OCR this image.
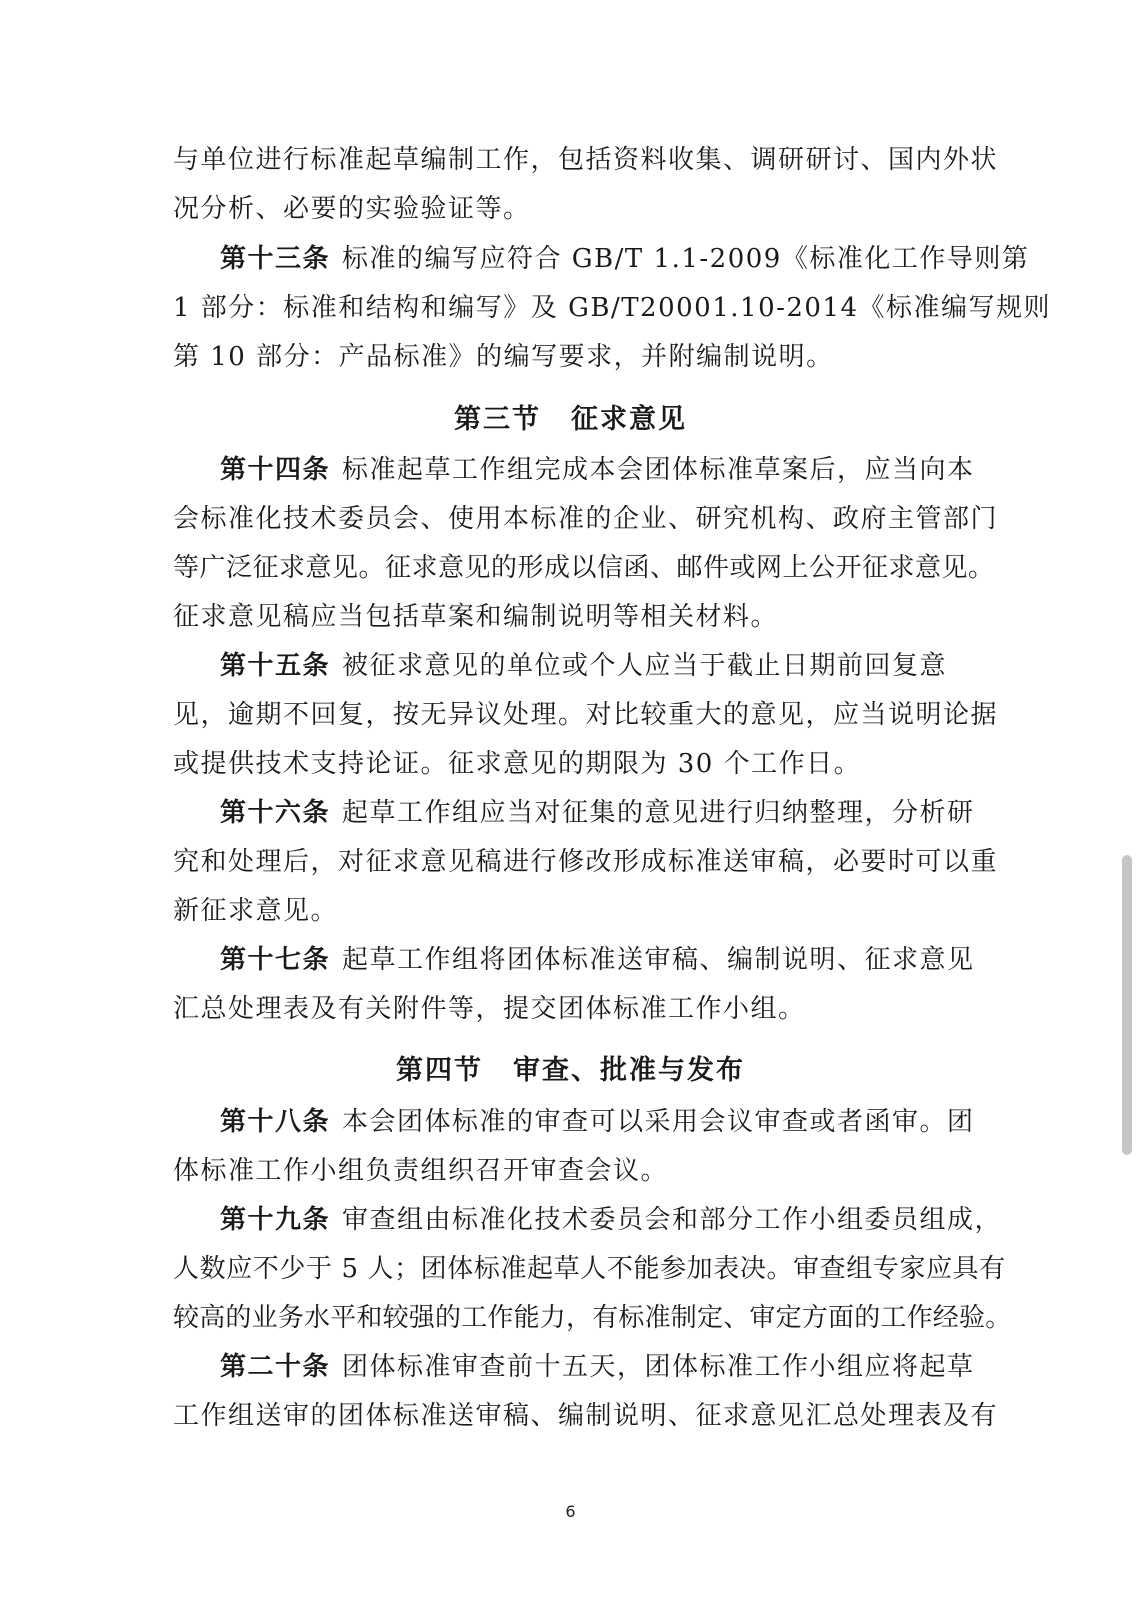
与单位进行标准起草编制工作，包括资料收集、调研研讨、国内外状
况分析、必要的实验验证等。
第十三条 标准的编写应符合 GB/T 1.1-2009《标准化工作导则第
1 部分：标准和结构和编写》及 GB/T20001.10-2014《标准编写规则
第 10 部分：产品标准》的编写要求，并附编制说明。
第三节 征求意见
第十四条 标准起草工作组完成本会团体标准草案后，应当向本
会标准化技术委员会、使用本标准的企业、研究机构、政府主管部门
等广泛征求意见。征求意见的形成以信函、邮件或网上公开征求意见。
征求意见稿应当包括草案和编制说明等相关材料。
第十五条 被征求意见的单位或个人应当于截止日期前回复意
见，逾期不回复，按无异议处理。对比较重大的意见，应当说明论据
或提供技术支持论证。征求意见的期限为 30 个工作日。
第十六条 起草工作组应当对征集的意见进行归纳整理，分析研
究和处理后，对征求意见稿进行修改形成标准送审稿，必要时可以重
新征求意见。
第十七条 起草工作组将团体标准送审稿、编制说明、征求意见
汇总处理表及有关附件等，提交团体标准工作小组。
第四节 审查、批准与发布
第十八条 本会团体标准的审查可以采用会议审查或者函审。团
体标准工作小组负责组织召开审查会议。
第十九条 审查组由标准化技术委员会和部分工作小组委员组成，
人数应不少于 5 人；团体标准起草人不能参加表决。审查组专家应具有
较高的业务水平和较强的工作能力，有标准制定、审定方面的工作经验。
第二十条 团体标准审查前十五天，团体标准工作小组应将起草
工作组送审的团体标准送审稿、编制说明、征求意见汇总处理表及有
6
